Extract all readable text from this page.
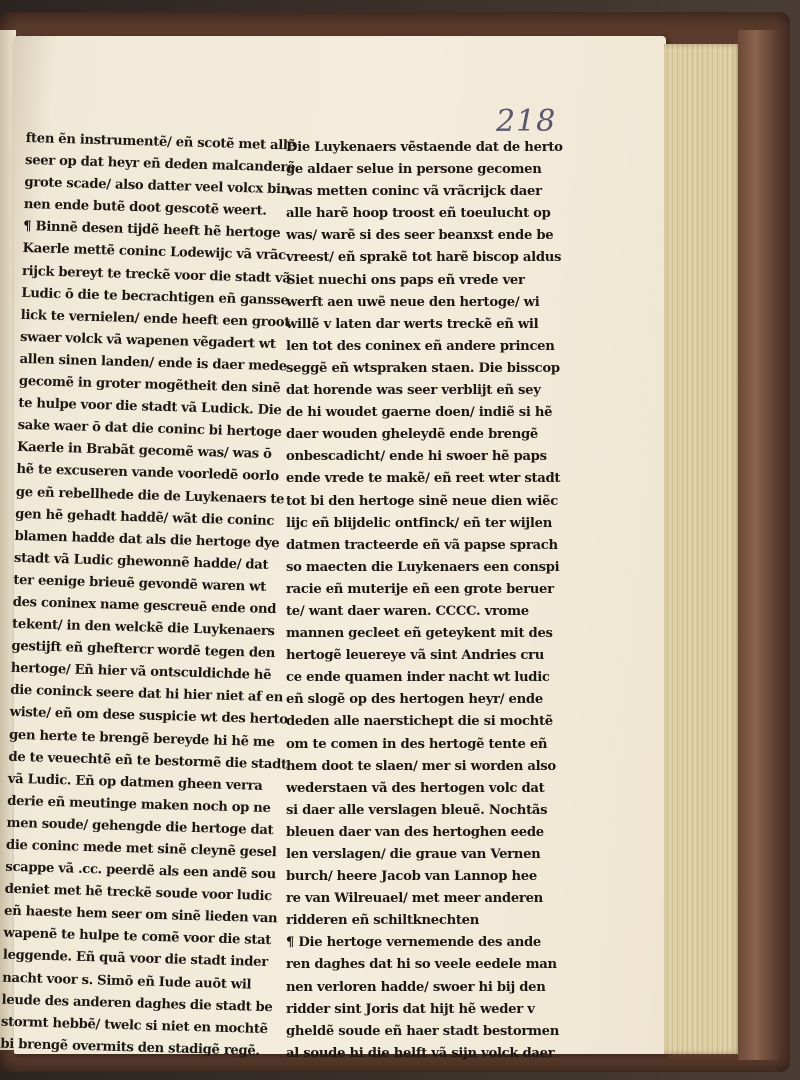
218
ften ẽn instrumentẽ/ eñ scotẽ met allẽ
seer op dat heyr eñ deden malcanderẽ
grote scade/ also datter veel volcx bin
nen ende butẽ doot gescotẽ weert.
¶ Binnẽ desen tijdẽ heeft hẽ hertoge
Kaerle mettẽ coninc Lodewijc vã vrãc
rijck bereyt te treckẽ voor die stadt vã
Ludic ō die te becrachtigen eñ gansse
lick te vernielen/ ende heeft een groot
swaer volck vã wapenen vẽgadert wt
allen sinen landen/ ende is daer mede
gecomẽ in groter mogẽtheit den sinẽ
te hulpe voor die stadt vã Ludick. Die
sake waer ō dat die coninc bi hertoge
Kaerle in Brabãt gecomẽ was/ was ō
hẽ te excuseren vande voorledẽ oorlo
ge eñ rebellhede die de Luykenaers te
gen hẽ gehadt haddẽ/ wãt die coninc
blamen hadde dat als die hertoge dye
stadt vã Ludic ghewonnẽ hadde/ dat
ter eenige brieuẽ gevondẽ waren wt
des coninex name gescreuẽ ende ond
tekent/ in den welckẽ die Luykenaers
gestijft eñ gheftercr wordẽ tegen den
hertoge/ Eñ hier vã ontsculdichde hẽ
die coninck seere dat hi hier niet af en
wiste/ eñ om dese suspicie wt des herto
gen herte te brengẽ bereyde hi hẽ me
de te veuechtẽ eñ te bestormẽ die stadt
vã Ludic. Eñ op datmen gheen verra
derie eñ meutinge maken noch op ne
men soude/ gehengde die hertoge dat
die coninc mede met sinẽ cleynẽ gesel
scappe vã .cc. peerdẽ als een andẽ sou
deniet met hẽ treckẽ soude voor ludic
eñ haeste hem seer om sinẽ lieden van
wapenẽ te hulpe te comẽ voor die stat
leggende. Eñ quã voor die stadt inder
nacht voor s. Simō eñ Iude auōt wil
leude des anderen daghes die stadt be
stormt hebbẽ/ twelc si niet en mochtẽ
bi brengẽ overmits den stadigẽ regẽ.
Die Luykenaers vẽstaende dat de herto
ge aldaer selue in persone gecomen
was metten coninc vã vrãcrijck daer
alle harẽ hoop troost eñ toeulucht op
was/ warẽ si des seer beanxst ende be
vreest/ eñ sprakẽ tot harẽ biscop aldus
Siet nuechi ons paps eñ vrede ver
werft aen uwẽ neue den hertoge/ wi
willẽ v laten dar werts treckẽ eñ wil
len tot des coninex eñ andere princen
seggẽ eñ wtspraken staen. Die bisscop
dat horende was seer verblijt eñ sey
de hi woudet gaerne doen/ indiẽ si hẽ
daer wouden gheleydẽ ende brengẽ
onbescadicht/ ende hi swoer hẽ paps
ende vrede te makẽ/ eñ reet wter stadt
tot bi den hertoge sinẽ neue dien wiẽc
lijc eñ blijdelic ontfinck/ eñ ter wijlen
datmen tracteerde eñ vã papse sprach
so maecten die Luykenaers een conspi
racie eñ muterije eñ een grote beruer
te/ want daer waren. CCCC. vrome
mannen gecleet eñ geteykent mit des
hertogẽ leuereye vã sint Andries cru
ce ende quamen inder nacht wt ludic
eñ slogẽ op des hertogen heyr/ ende
deden alle naerstichept die si mochtẽ
om te comen in des hertogẽ tente eñ
hem doot te slaen/ mer si worden also
wederstaen vã des hertogen volc dat
si daer alle verslagen bleuẽ. Nochtãs
bleuen daer van des hertoghen eede
len verslagen/ die graue van Vernen
burch/ heere Jacob van Lannop hee
re van Wilreuael/ met meer anderen
ridderen eñ schiltknechten
¶ Die hertoge vernemende des ande
ren daghes dat hi so veele eedele man
nen verloren hadde/ swoer hi bij den
ridder sint Joris dat hijt hẽ weder v
gheldẽ soude eñ haer stadt bestormen
al soude hi die helft vã sijn volck daer
